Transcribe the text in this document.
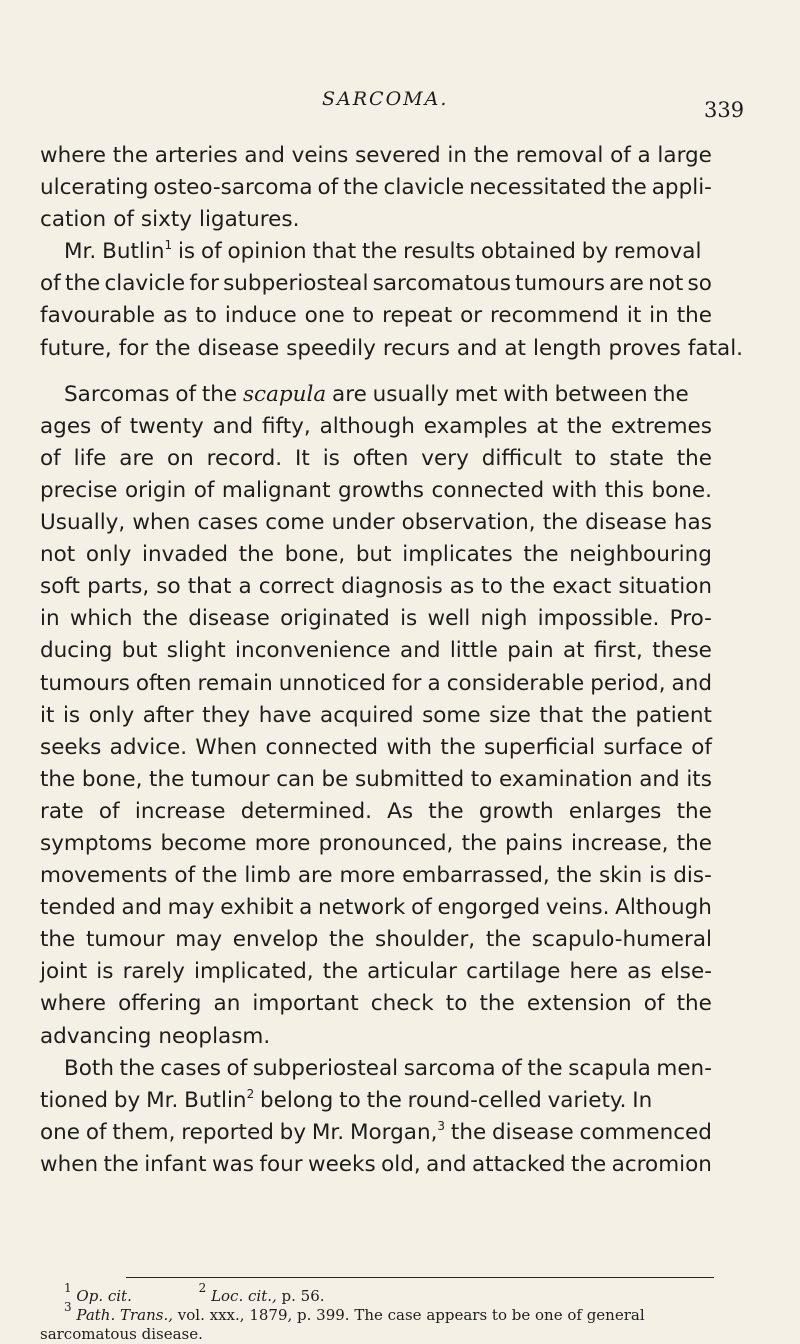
SARCOMA.	339
where the arteries and veins severed in the removal of a large
ulcerating osteo-sarcoma of the clavicle necessitated the appli-
cation of sixty ligatures.
Mr. Butlin$^1$ is of opinion that the results obtained by removal
of the clavicle for subperiosteal sarcomatous tumours are not so
favourable as to induce one to repeat or recommend it in the
future, for the disease speedily recurs and at length proves fatal.
Sarcomas of the scapula are usually met with between the
ages of twenty and fifty, although examples at the extremes
of life are on record. It is often very difficult to state the
precise origin of malignant growths connected with this bone.
Usually, when cases come under observation, the disease has
not only invaded the bone, but implicates the neighbouring
soft parts, so that a correct diagnosis as to the exact situation
in which the disease originated is well nigh impossible. Pro-
ducing but slight inconvenience and little pain at first, these
tumours often remain unnoticed for a considerable period, and
it is only after they have acquired some size that the patient
seeks advice. When connected with the superficial surface of
the bone, the tumour can be submitted to examination and its
rate of increase determined. As the growth enlarges the
symptoms become more pronounced, the pains increase, the
movements of the limb are more embarrassed, the skin is dis-
tended and may exhibit a network of engorged veins. Although
the tumour may envelop the shoulder, the scapulo-humeral
joint is rarely implicated, the articular cartilage here as else-
where offering an important check to the extension of the
advancing neoplasm.
Both the cases of subperiosteal sarcoma of the scapula men-
tioned by Mr. Butlin$^2$ belong to the round-celled variety. In
one of them, reported by Mr. Morgan,$^3$ the disease commenced
when the infant was four weeks old, and attacked the acromion
$^1$ Op. cit.	$^2$ Loc. cit., p. 56.
$^3$ Path. Trans., vol. xxx., 1879, p. 399. The case appears to be one of general
sarcomatous disease.
